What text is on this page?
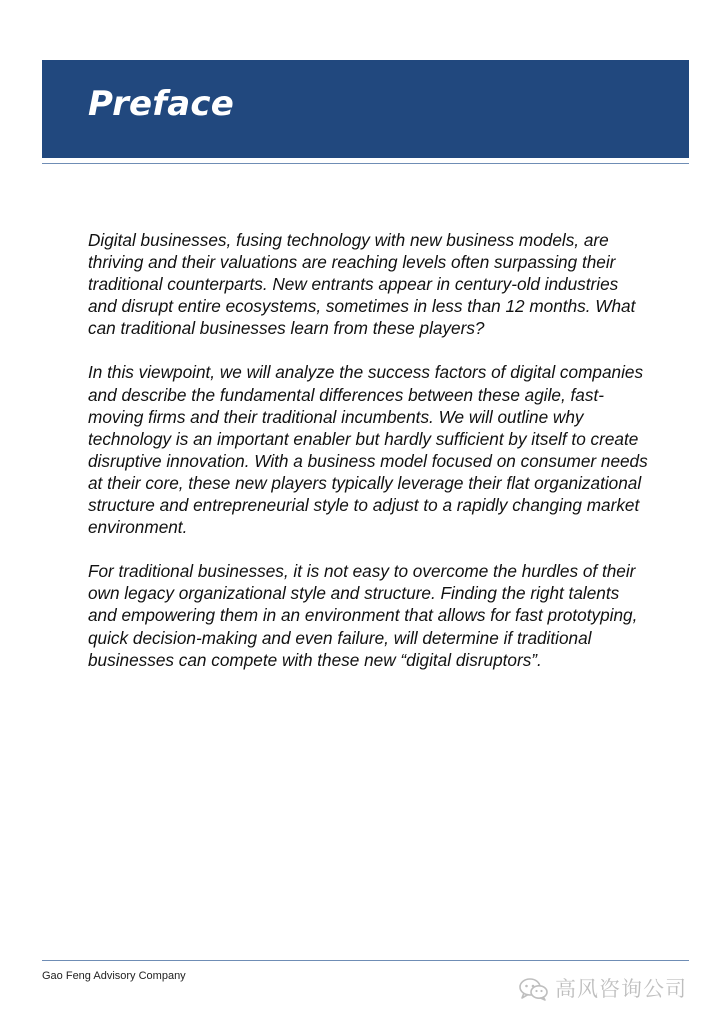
Preface

Digital businesses, fusing technology with new business models, are thriving and their valuations are reaching levels often surpassing their traditional counterparts. New entrants appear in century-old industries and disrupt entire ecosystems, sometimes in less than 12 months. What can traditional businesses learn from these players?

In this viewpoint, we will analyze the success factors of digital companies and describe the fundamental differences between these agile, fast-moving firms and their traditional incumbents. We will outline why technology is an important enabler but hardly sufficient by itself to create disruptive innovation. With a business model focused on consumer needs at their core, these new players typically leverage their flat organizational structure and entrepreneurial style to adjust to a rapidly changing market environment.

For traditional businesses, it is not easy to overcome the hurdles of their own legacy organizational style and structure. Finding the right talents and empowering them in an environment that allows for fast prototyping, quick decision-making and even failure, will determine if traditional businesses can compete with these new “digital disruptors”.

Gao Feng Advisory Company
高风咨询公司
